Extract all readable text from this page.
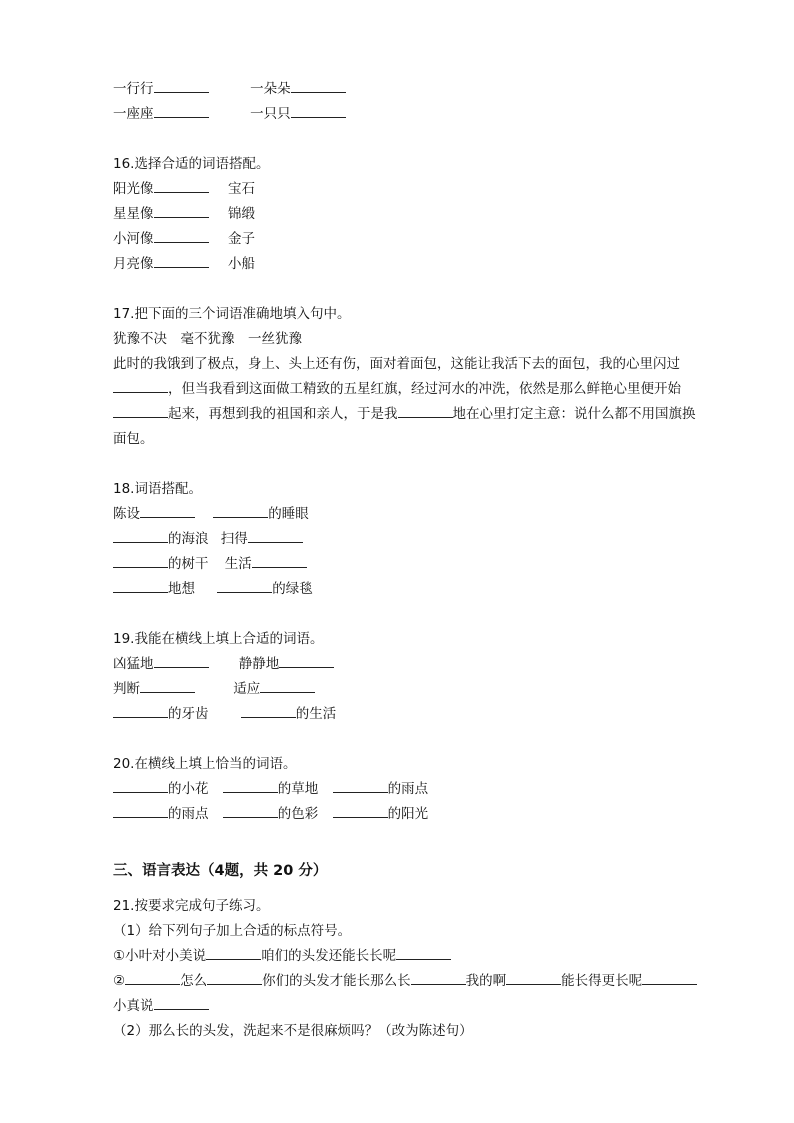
一行行	一朵朵
一座座	一只只
16.选择合适的词语搭配。
阳光像	宝石
星星像	锦缎
小河像	金子
月亮像	小船
17.把下面的三个词语准确地填入句中。
犹豫不决　毫不犹豫　一丝犹豫
此时的我饿到了极点，身上、头上还有伤，面对着面包，这能让我活下去的面包，我的心里闪过
，但当我看到这面做工精致的五星红旗，经过河水的冲洗，依然是那么鲜艳心里便开始
起来，再想到我的祖国和亲人，于是我	地在心里打定主意：说什么都不用国旗换
面包。
18.词语搭配。
陈设	的睡眼
的海浪 扫得
的树干 生活
地想	的绿毯
19.我能在横线上填上合适的词语。
凶猛地	静静地
判断	适应
的牙齿	的生活
20.在横线上填上恰当的词语。
的小花	的草地	的雨点
的雨点	的色彩	的阳光
三、语言表达（4题，共 20 分）
21.按要求完成句子练习。
（1）给下列句子加上合适的标点符号。
①小叶对小美说	咱们的头发还能长长呢
②	怎么	你们的头发才能长那么长	我的啊	能长得更长呢
小真说
（2）那么长的头发，洗起来不是很麻烦吗？（改为陈述句）
